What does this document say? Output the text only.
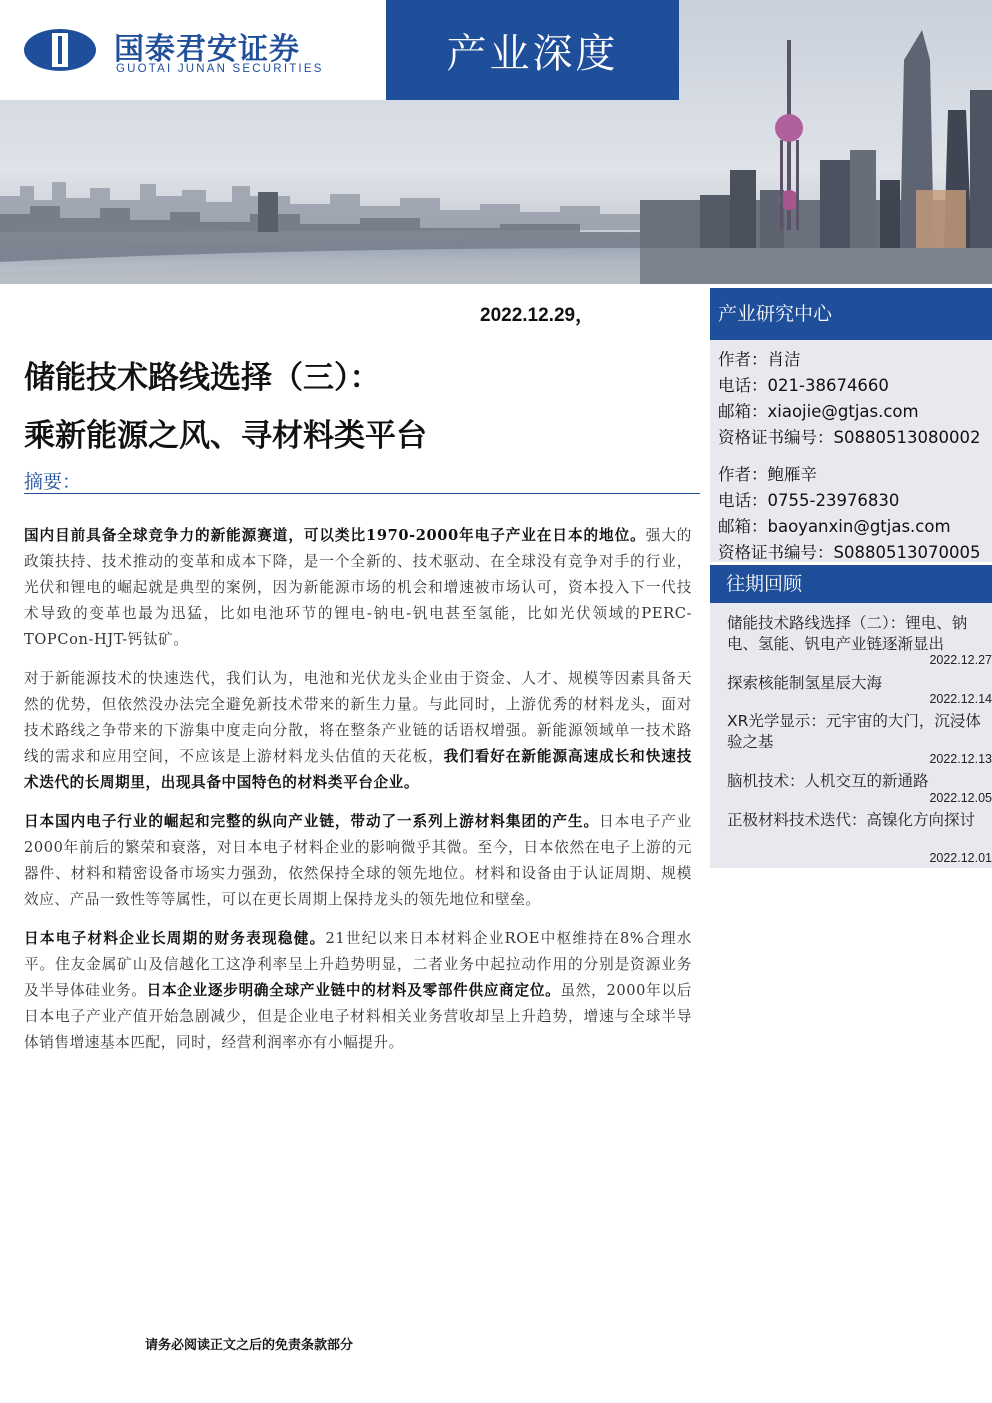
国泰君安证券
GUOTAI JUNAN SECURITIES	产业深度
2022.12.29，
储能技术路线选择（三）：
乘新能源之风、寻材料类平台
摘要：

国内目前具备全球竞争力的新能源赛道，可以类比1970-2000年电子产业在日本的地位。强大的政策扶持、技术推动的变革和成本下降，是一个全新的、技术驱动、在全球没有竞争对手的行业，光伏和锂电的崛起就是典型的案例，因为新能源市场的机会和增速被市场认可，资本投入下一代技术导致的变革也最为迅猛，比如电池环节的锂电-钠电-钒电甚至氢能，比如光伏领域的PERC-TOPCon-HJT-钙钛矿。

对于新能源技术的快速迭代，我们认为，电池和光伏龙头企业由于资金、人才、规模等因素具备天然的优势，但依然没办法完全避免新技术带来的新生力量。与此同时，上游优秀的材料龙头，面对技术路线之争带来的下游集中度走向分散，将在整条产业链的话语权增强。新能源领域单一技术路线的需求和应用空间，不应该是上游材料龙头估值的天花板，我们看好在新能源高速成长和快速技术迭代的长周期里，出现具备中国特色的材料类平台企业。

日本国内电子行业的崛起和完整的纵向产业链，带动了一系列上游材料集团的产生。日本电子产业2000年前后的繁荣和衰落，对日本电子材料企业的影响微乎其微。至今，日本依然在电子上游的元器件、材料和精密设备市场实力强劲，依然保持全球的领先地位。材料和设备由于认证周期、规模效应、产品一致性等等属性，可以在更长周期上保持龙头的领先地位和壁垒。

日本电子材料企业长周期的财务表现稳健。21世纪以来日本材料企业ROE中枢维持在8%合理水平。住友金属矿山及信越化工这净利率呈上升趋势明显，二者业务中起拉动作用的分别是资源业务及半导体硅业务。日本企业逐步明确全球产业链中的材料及零部件供应商定位。虽然，2000年以后日本电子产业产值开始急剧减少，但是企业电子材料相关业务营收却呈上升趋势，增速与全球半导体销售增速基本匹配，同时，经营利润率亦有小幅提升。

请务必阅读正文之后的免责条款部分
产业研究中心
作者：肖洁
电话：021-38674660
邮箱：xiaojie@gtjas.com
资格证书编号：S0880513080002
作者：鲍雁辛
电话：0755-23976830
邮箱：baoyanxin@gtjas.com
资格证书编号：S0880513070005
往期回顾
储能技术路线选择（二）：锂电、钠电、氢能、钒电产业链逐渐显出
2022.12.27
探索核能制氢星辰大海
2022.12.14
XR光学显示：元宇宙的大门，沉浸体验之基
2022.12.13
脑机技术：人机交互的新通路
2022.12.05
正极材料技术迭代：高镍化方向探讨
2022.12.01
